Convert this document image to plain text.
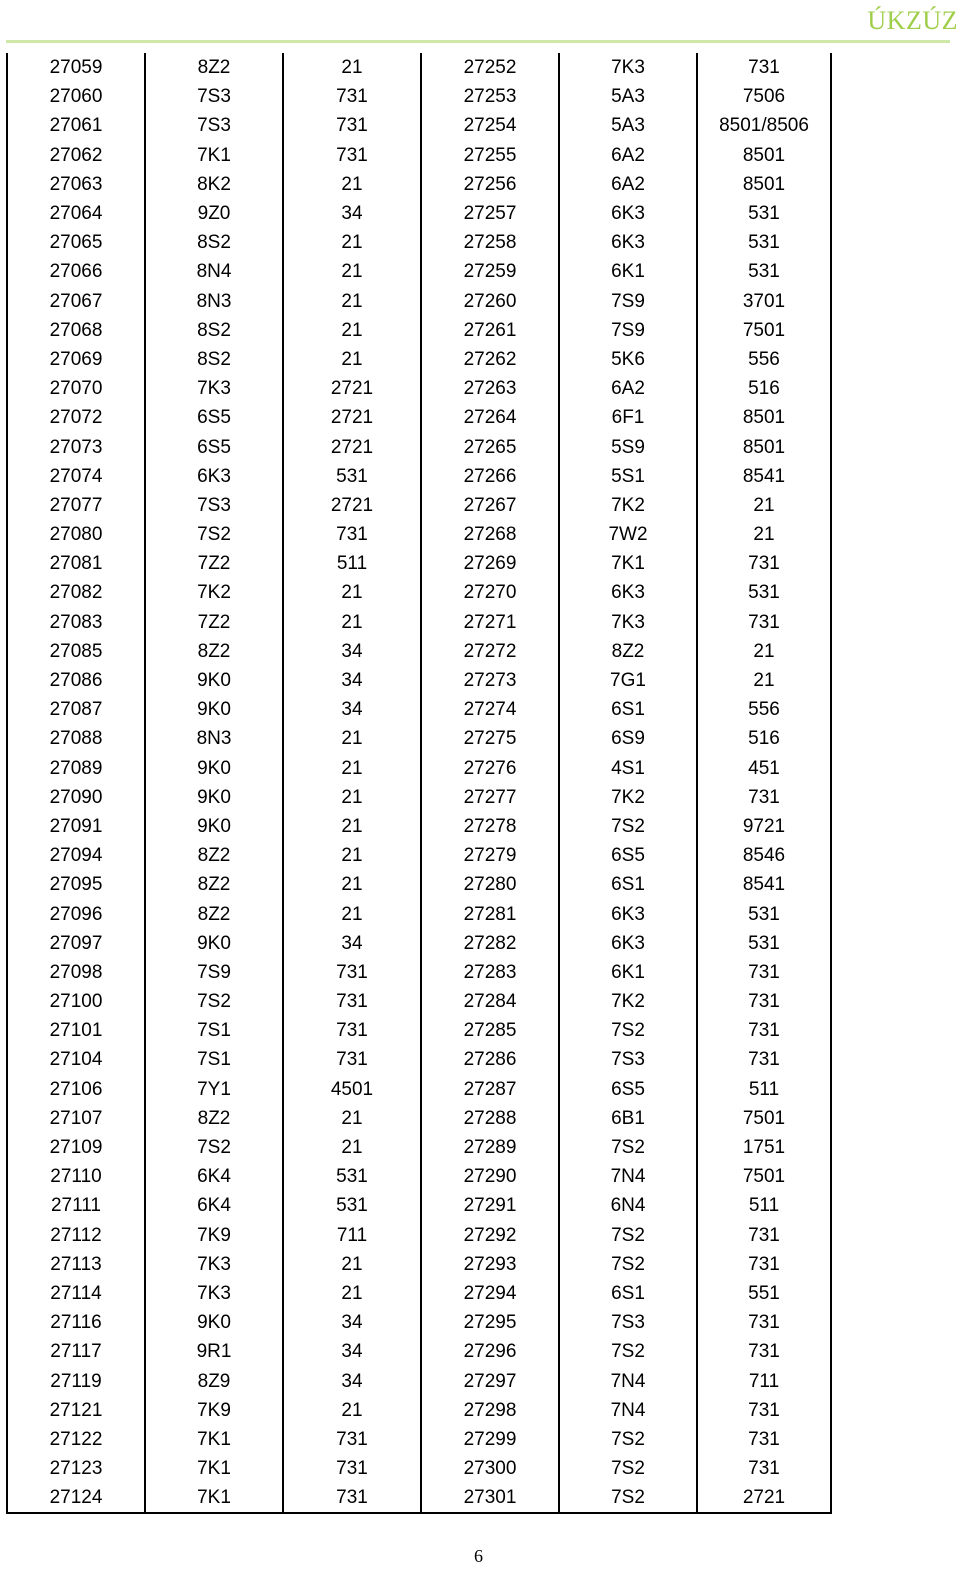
ÚKZÚZ
27059	8Z2	21	27252	7K3	731
27060	7S3	731	27253	5A3	7506
27061	7S3	731	27254	5A3	8501/8506
27062	7K1	731	27255	6A2	8501
27063	8K2	21	27256	6A2	8501
27064	9Z0	34	27257	6K3	531
27065	8S2	21	27258	6K3	531
27066	8N4	21	27259	6K1	531
27067	8N3	21	27260	7S9	3701
27068	8S2	21	27261	7S9	7501
27069	8S2	21	27262	5K6	556
27070	7K3	2721	27263	6A2	516
27072	6S5	2721	27264	6F1	8501
27073	6S5	2721	27265	5S9	8501
27074	6K3	531	27266	5S1	8541
27077	7S3	2721	27267	7K2	21
27080	7S2	731	27268	7W2	21
27081	7Z2	511	27269	7K1	731
27082	7K2	21	27270	6K3	531
27083	7Z2	21	27271	7K3	731
27085	8Z2	34	27272	8Z2	21
27086	9K0	34	27273	7G1	21
27087	9K0	34	27274	6S1	556
27088	8N3	21	27275	6S9	516
27089	9K0	21	27276	4S1	451
27090	9K0	21	27277	7K2	731
27091	9K0	21	27278	7S2	9721
27094	8Z2	21	27279	6S5	8546
27095	8Z2	21	27280	6S1	8541
27096	8Z2	21	27281	6K3	531
27097	9K0	34	27282	6K3	531
27098	7S9	731	27283	6K1	731
27100	7S2	731	27284	7K2	731
27101	7S1	731	27285	7S2	731
27104	7S1	731	27286	7S3	731
27106	7Y1	4501	27287	6S5	511
27107	8Z2	21	27288	6B1	7501
27109	7S2	21	27289	7S2	1751
27110	6K4	531	27290	7N4	7501
27111	6K4	531	27291	6N4	511
27112	7K9	711	27292	7S2	731
27113	7K3	21	27293	7S2	731
27114	7K3	21	27294	6S1	551
27116	9K0	34	27295	7S3	731
27117	9R1	34	27296	7S2	731
27119	8Z9	34	27297	7N4	711
27121	7K9	21	27298	7N4	731
27122	7K1	731	27299	7S2	731
27123	7K1	731	27300	7S2	731
27124	7K1	731	27301	7S2	2721
6
